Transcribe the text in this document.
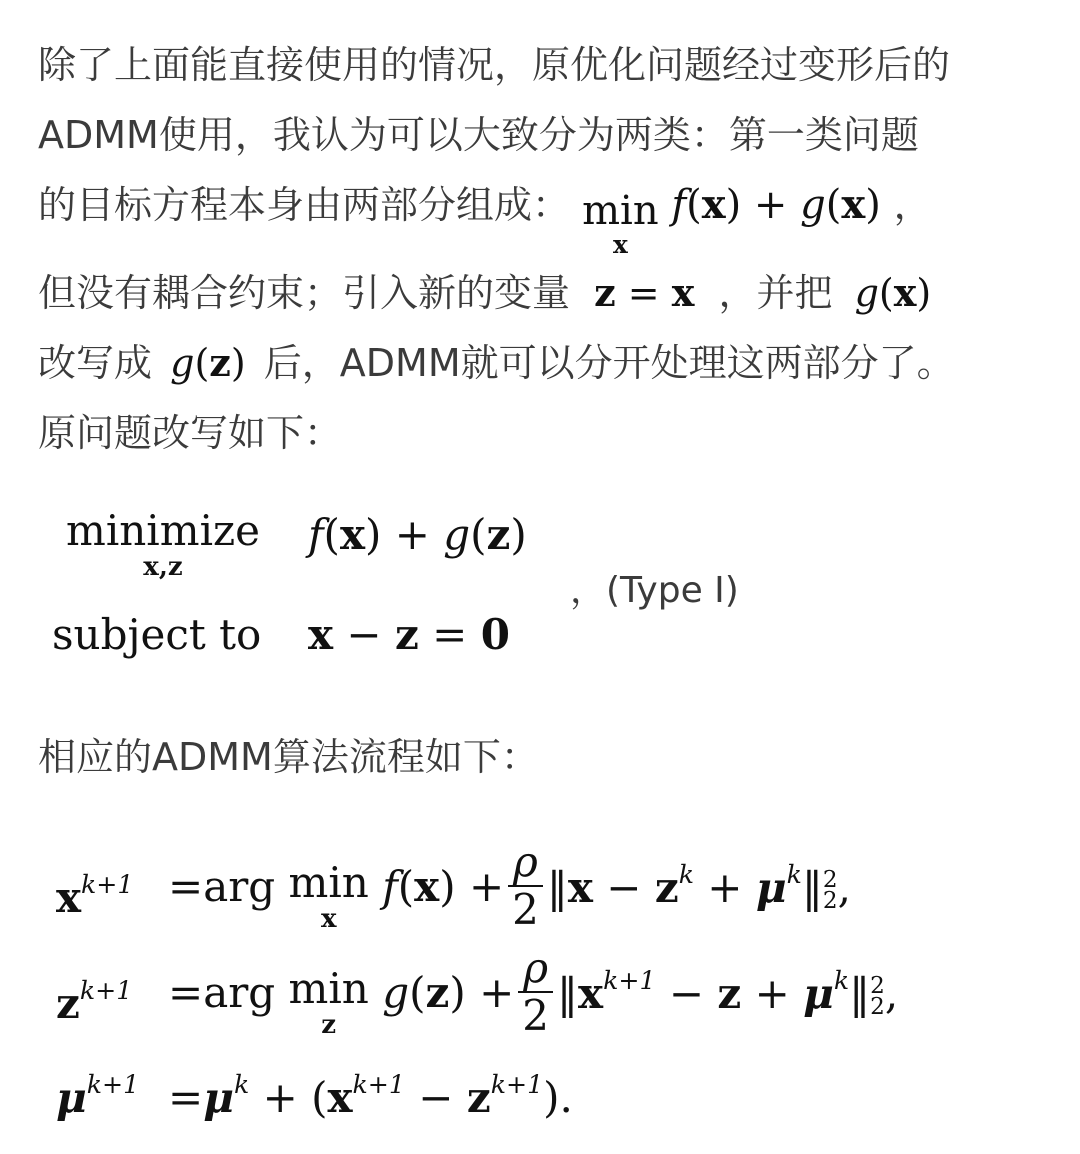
除了上面能直接使用的情况，原优化问题经过变形后的
ADMM使用，我认为可以大致分为两类：第一类问题
的目标方程本身由两部分组成： min
x
f(x) + g(x) ，
但没有耦合约束；引入新的变量 z = x ，并把 g(x)
改写成 g(z) 后，ADMM就可以分开处理这两部分了。
原问题改写如下：
minimize
x,z
f(x) + g(z)
subject to x − z = 0
，(Type I)
相应的ADMM算法流程如下：
$x^{k+1} =arg$ min
x
$f(x) + \frac{\rho}{2}$ ‖x − $z^k$ + $\mu^k‖$ 2
2 ,
$z^{k+1} =arg$ min
z
$g(z) + \frac{\rho}{2}$ $‖x^{k+1} - z$ + $\mu^k‖$ 2
2 ,
$\mu^{k+1} =\mu^k + (x^{k+1} - z^{k+1})$.
